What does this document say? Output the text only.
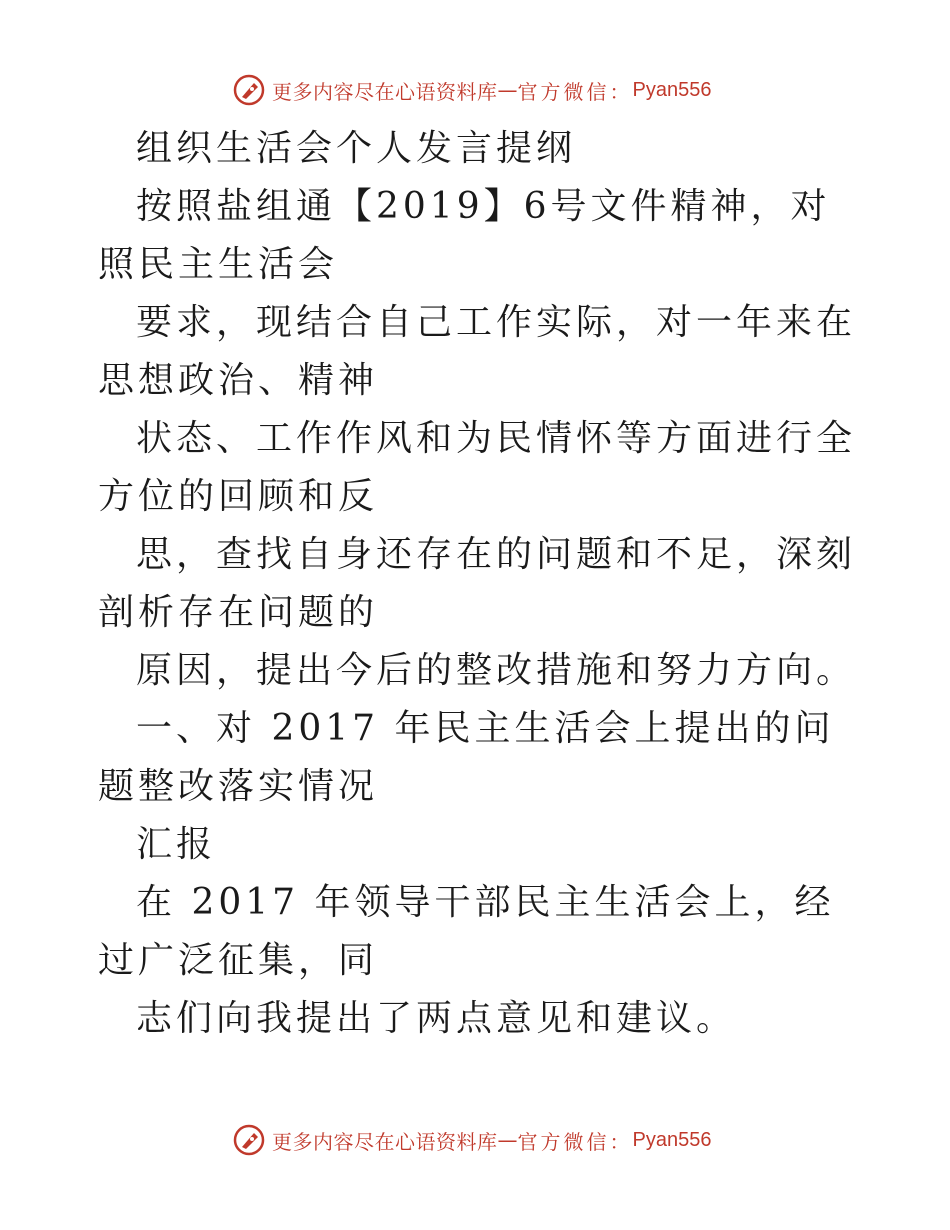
更多内容尽在心语资料库 — 官方微信： Pyan556

组织生活会个人发言提纲

按照盐组通【2019】6号文件精神，对照民主生活会

要求，现结合自己工作实际，对一年来在思想政治、精神

状态、工作作风和为民情怀等方面进行全方位的回顾和反

思，查找自身还存在的问题和不足，深刻剖析存在问题的

原因，提出今后的整改措施和努力方向。

一、对 2017 年民主生活会上提出的问题整改落实情况

汇报

在 2017 年领导干部民主生活会上，经过广泛征集，同

志们向我提出了两点意见和建议。

更多内容尽在心语资料库 — 官方微信： Pyan556
